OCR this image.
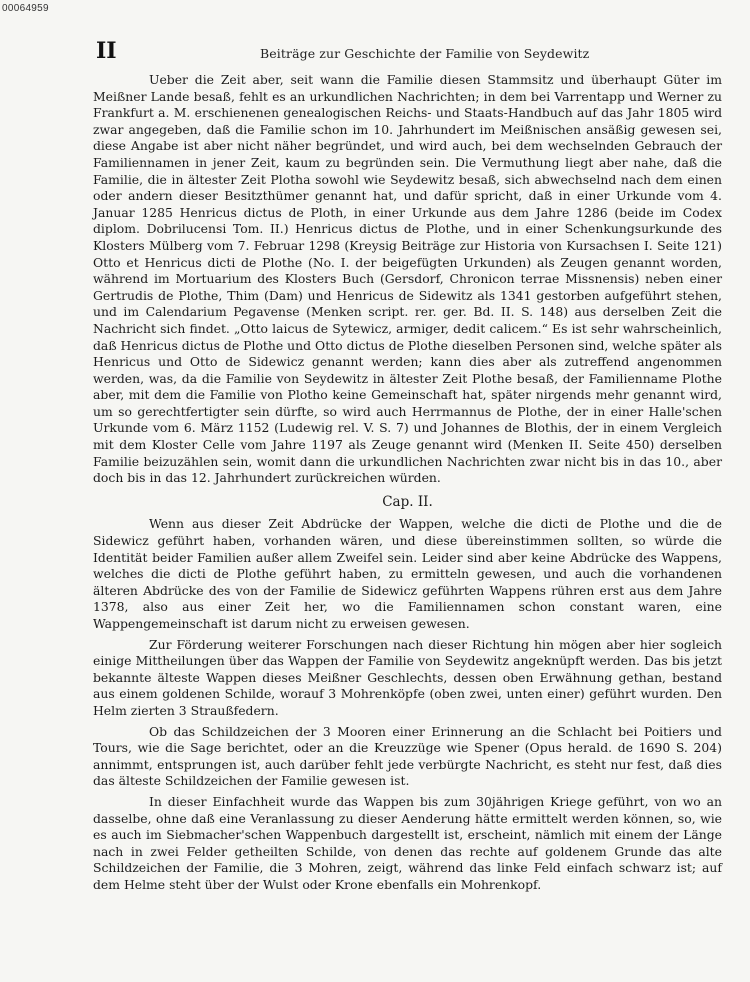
00064959
II	Beiträge zur Geschichte der Familie von Seydewitz

Ueber die Zeit aber, seit wann die Familie diesen Stammsitz und überhaupt Güter im Meißner Lande besaß, fehlt es an urkundlichen Nachrichten; in dem bei Varrentapp und Werner zu Frankfurt a. M. erschienenen genealogischen Reichs- und Staats-Handbuch auf das Jahr 1805 wird zwar angegeben, daß die Familie schon im 10. Jahrhundert im Meißnischen ansäßig gewesen sei, diese Angabe ist aber nicht näher begründet, und wird auch, bei dem wechselnden Gebrauch der Familiennamen in jener Zeit, kaum zu begründen sein. Die Vermuthung liegt aber nahe, daß die Familie, die in ältester Zeit Plotha sowohl wie Seydewitz besaß, sich abwechselnd nach dem einen oder andern dieser Besitzthümer genannt hat, und dafür spricht, daß in einer Urkunde vom 4. Januar 1285 Henricus dictus de Ploth, in einer Urkunde aus dem Jahre 1286 (beide im Codex diplom. Dobrilucensi Tom. II.) Henricus dictus de Plothe, und in einer Schenkungsurkunde des Klosters Mülberg vom 7. Februar 1298 (Kreysig Beiträge zur Historia von Kursachsen I. Seite 121) Otto et Henricus dicti de Plothe (No. I. der beigefügten Urkunden) als Zeugen genannt worden, während im Mortuarium des Klosters Buch (Gersdorf, Chronicon terrae Missnensis) neben einer Gertrudis de Plothe, Thim (Dam) und Henricus de Sidewitz als 1341 gestorben aufgeführt stehen, und im Calendarium Pegavense (Menken script. rer. ger. Bd. II. S. 148) aus derselben Zeit die Nachricht sich findet. „Otto laicus de Sytewicz, armiger, dedit calicem.“ Es ist sehr wahrscheinlich, daß Henricus dictus de Plothe und Otto dictus de Plothe dieselben Personen sind, welche später als Henricus und Otto de Sidewicz genannt werden; kann dies aber als zutreffend angenommen werden, was, da die Familie von Seydewitz in ältester Zeit Plothe besaß, der Familienname Plothe aber, mit dem die Familie von Plotho keine Gemeinschaft hat, später nirgends mehr genannt wird, um so gerechtfertigter sein dürfte, so wird auch Herrmannus de Plothe, der in einer Halle'schen Urkunde vom 6. März 1152 (Ludewig rel. V. S. 7) und Johannes de Blothis, der in einem Vergleich mit dem Kloster Celle vom Jahre 1197 als Zeuge genannt wird (Menken II. Seite 450) derselben Familie beizuzählen sein, womit dann die urkundlichen Nachrichten zwar nicht bis in das 10., aber doch bis in das 12. Jahrhundert zurückreichen würden.

Cap. II.

Wenn aus dieser Zeit Abdrücke der Wappen, welche die dicti de Plothe und die de Sidewicz geführt haben, vorhanden wären, und diese übereinstimmen sollten, so würde die Identität beider Familien außer allem Zweifel sein. Leider sind aber keine Abdrücke des Wappens, welches die dicti de Plothe geführt haben, zu ermitteln gewesen, und auch die vorhandenen älteren Abdrücke des von der Familie de Sidewicz geführten Wappens rühren erst aus dem Jahre 1378, also aus einer Zeit her, wo die Familiennamen schon constant waren, eine Wappengemeinschaft ist darum nicht zu erweisen gewesen.

Zur Förderung weiterer Forschungen nach dieser Richtung hin mögen aber hier sogleich einige Mittheilungen über das Wappen der Familie von Seydewitz angeknüpft werden. Das bis jetzt bekannte älteste Wappen dieses Meißner Geschlechts, dessen oben Erwähnung gethan, bestand aus einem goldenen Schilde, worauf 3 Mohrenköpfe (oben zwei, unten einer) geführt wurden. Den Helm zierten 3 Straußfedern.

Ob das Schildzeichen der 3 Mooren einer Erinnerung an die Schlacht bei Poitiers und Tours, wie die Sage berichtet, oder an die Kreuzzüge wie Spener (Opus herald. de 1690 S. 204) annimmt, entsprungen ist, auch darüber fehlt jede verbürgte Nachricht, es steht nur fest, daß dies das älteste Schildzeichen der Familie gewesen ist.

In dieser Einfachheit wurde das Wappen bis zum 30jährigen Kriege geführt, von wo an dasselbe, ohne daß eine Veranlassung zu dieser Aenderung hätte ermittelt werden können, so, wie es auch im Siebmacher'schen Wappenbuch dargestellt ist, erscheint, nämlich mit einem der Länge nach in zwei Felder getheilten Schilde, von denen das rechte auf goldenem Grunde das alte Schildzeichen der Familie, die 3 Mohren, zeigt, während das linke Feld einfach schwarz ist; auf dem Helme steht über der Wulst oder Krone ebenfalls ein Mohrenkopf.
